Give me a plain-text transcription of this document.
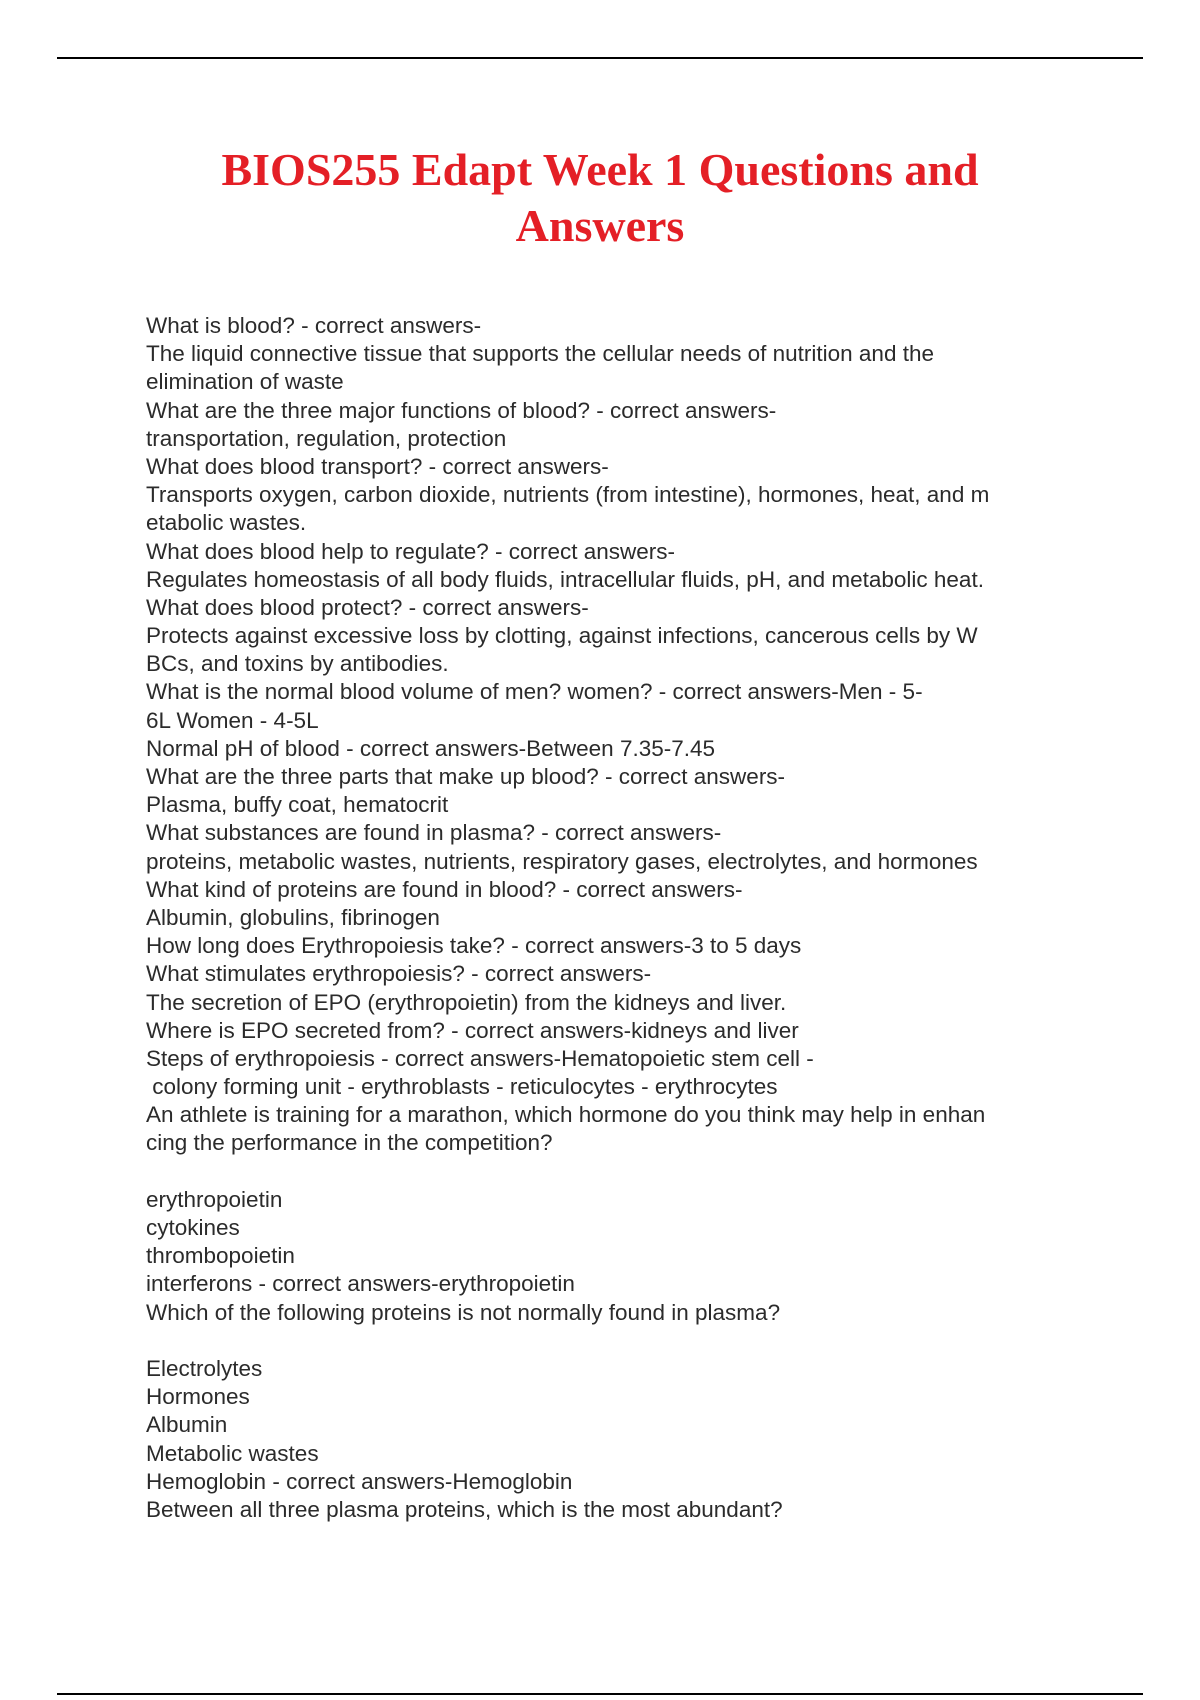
BIOS255 Edapt Week 1 Questions and
Answers
What is blood? - correct answers-
The liquid connective tissue that supports the cellular needs of nutrition and the
elimination of waste
What are the three major functions of blood? - correct answers-
transportation, regulation, protection
What does blood transport? - correct answers-
Transports oxygen, carbon dioxide, nutrients (from intestine), hormones, heat, and m
etabolic wastes.
What does blood help to regulate? - correct answers-
Regulates homeostasis of all body fluids, intracellular fluids, pH, and metabolic heat.
What does blood protect? - correct answers-
Protects against excessive loss by clotting, against infections, cancerous cells by W
BCs, and toxins by antibodies.
What is the normal blood volume of men? women? - correct answers-Men - 5-
6L Women - 4-5L
Normal pH of blood - correct answers-Between 7.35-7.45
What are the three parts that make up blood? - correct answers-
Plasma, buffy coat, hematocrit
What substances are found in plasma? - correct answers-
proteins, metabolic wastes, nutrients, respiratory gases, electrolytes, and hormones
What kind of proteins are found in blood? - correct answers-
Albumin, globulins, fibrinogen
How long does Erythropoiesis take? - correct answers-3 to 5 days
What stimulates erythropoiesis? - correct answers-
The secretion of EPO (erythropoietin) from the kidneys and liver.
Where is EPO secreted from? - correct answers-kidneys and liver
Steps of erythropoiesis - correct answers-Hematopoietic stem cell -
colony forming unit - erythroblasts - reticulocytes - erythrocytes
An athlete is training for a marathon, which hormone do you think may help in enhan
cing the performance in the competition?
erythropoietin
cytokines
thrombopoietin
interferons - correct answers-erythropoietin
Which of the following proteins is not normally found in plasma?
Electrolytes
Hormones
Albumin
Metabolic wastes
Hemoglobin - correct answers-Hemoglobin
Between all three plasma proteins, which is the most abundant?
